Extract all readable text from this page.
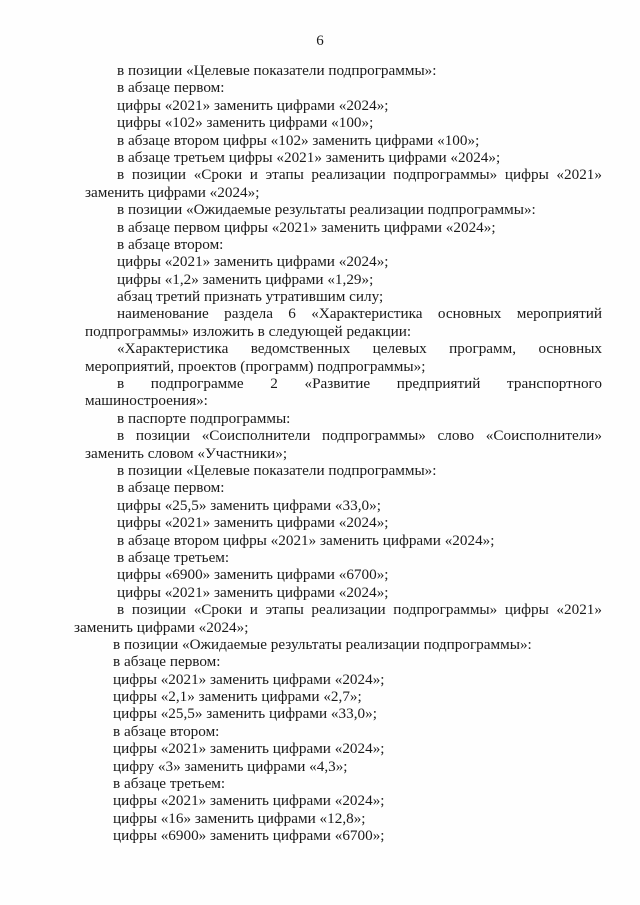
6
в позиции «Целевые показатели подпрограммы»:
в абзаце первом:
цифры «2021» заменить цифрами «2024»;
цифры «102» заменить цифрами «100»;
в абзаце втором цифры «102» заменить цифрами «100»;
в абзаце третьем цифры «2021» заменить цифрами «2024»;
в позиции «Сроки и этапы реализации подпрограммы» цифры «2021»
заменить цифрами «2024»;
в позиции «Ожидаемые результаты реализации подпрограммы»:
в абзаце первом цифры «2021» заменить цифрами «2024»;
в абзаце втором:
цифры «2021» заменить цифрами «2024»;
цифры «1,2» заменить цифрами «1,29»;
абзац третий признать утратившим силу;
наименование раздела 6 «Характеристика основных мероприятий
подпрограммы» изложить в следующей редакции:
«Характеристика ведомственных целевых программ, основных
мероприятий, проектов (программ) подпрограммы»;
в подпрограмме 2 «Развитие предприятий транспортного
машиностроения»:
в паспорте подпрограммы:
в позиции «Соисполнители подпрограммы» слово «Соисполнители»
заменить словом «Участники»;
в позиции «Целевые показатели подпрограммы»:
в абзаце первом:
цифры «25,5» заменить цифрами «33,0»;
цифры «2021» заменить цифрами «2024»;
в абзаце втором цифры «2021» заменить цифрами «2024»;
в абзаце третьем:
цифры «6900» заменить цифрами «6700»;
цифры «2021» заменить цифрами «2024»;
в позиции «Сроки и этапы реализации подпрограммы» цифры «2021»
заменить цифрами «2024»;
в позиции «Ожидаемые результаты реализации подпрограммы»:
в абзаце первом:
цифры «2021» заменить цифрами «2024»;
цифры «2,1» заменить цифрами «2,7»;
цифры «25,5» заменить цифрами «33,0»;
в абзаце втором:
цифры «2021» заменить цифрами «2024»;
цифру «3» заменить цифрами «4,3»;
в абзаце третьем:
цифры «2021» заменить цифрами «2024»;
цифры «16» заменить цифрами «12,8»;
цифры «6900» заменить цифрами «6700»;
